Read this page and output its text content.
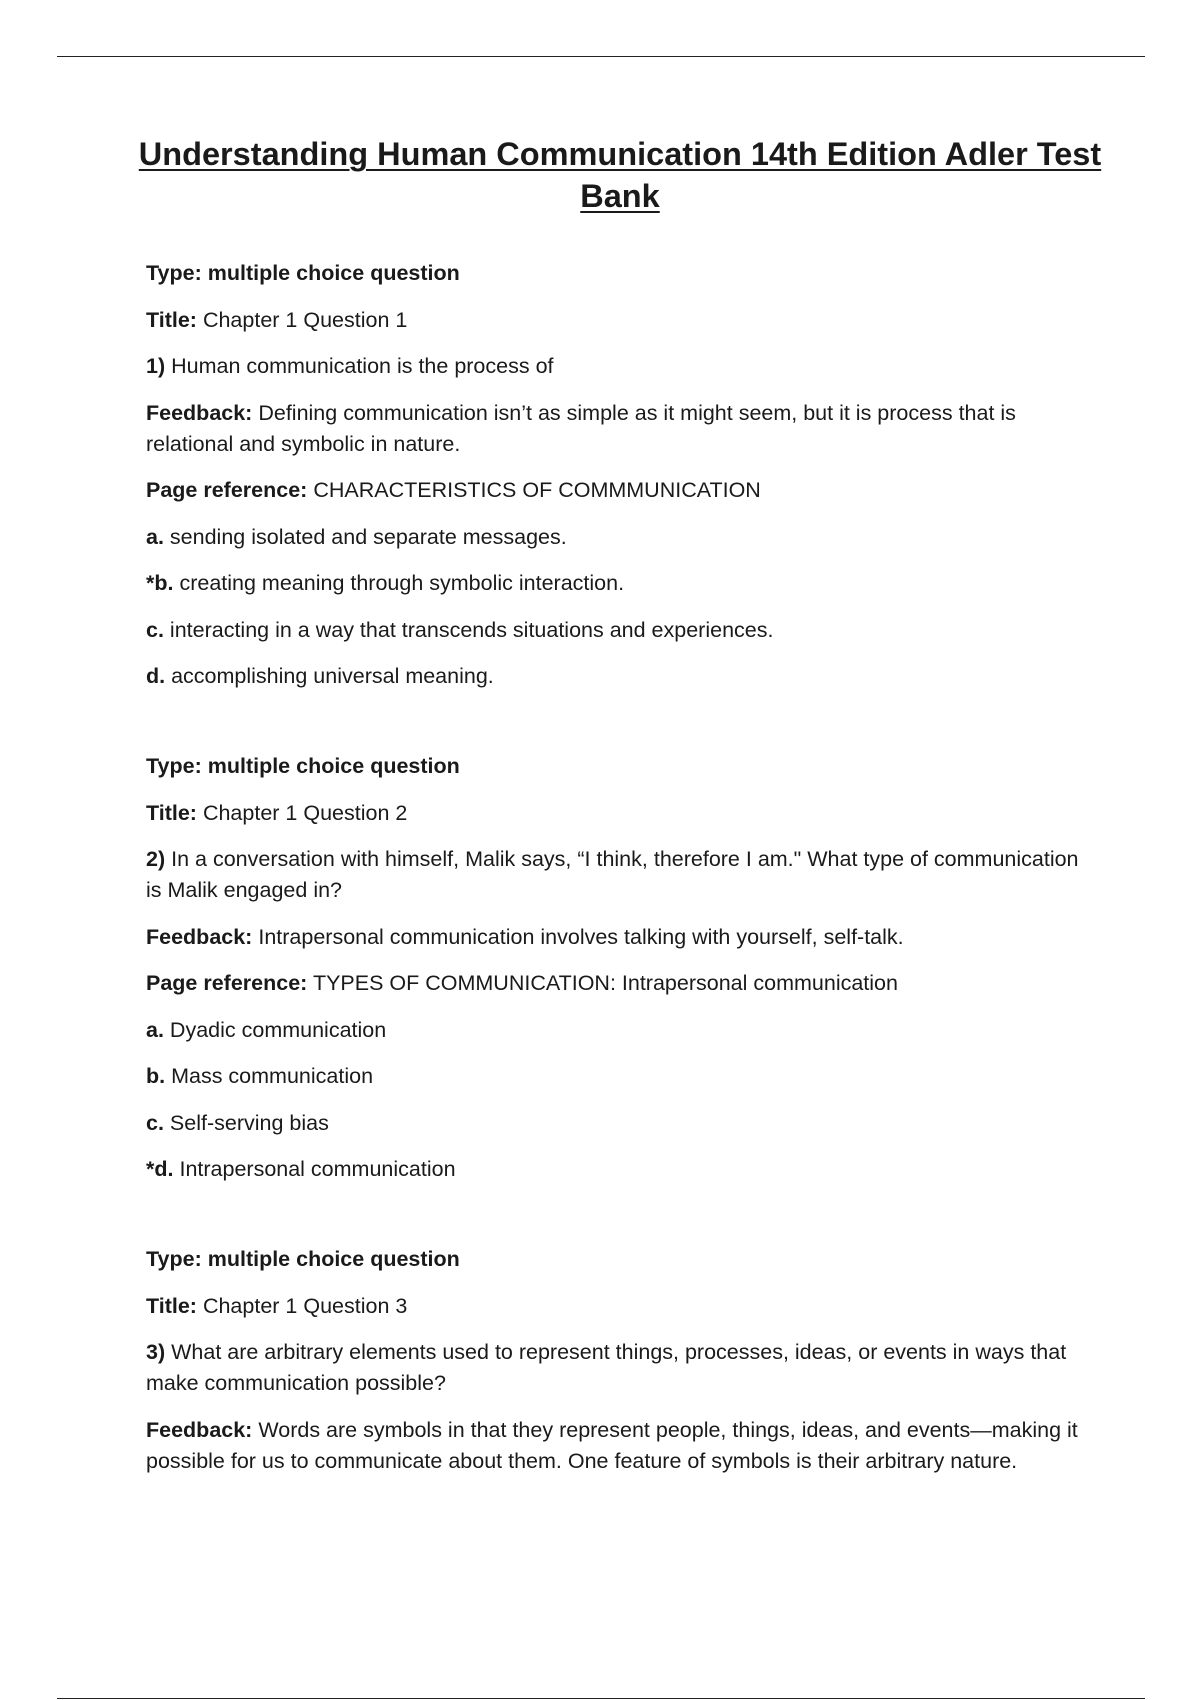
Understanding Human Communication 14th Edition Adler Test Bank

Type: multiple choice question

Title: Chapter 1 Question 1

1) Human communication is the process of

Feedback: Defining communication isn’t as simple as it might seem, but it is process that is relational and symbolic in nature.

Page reference: CHARACTERISTICS OF COMMMUNICATION

a. sending isolated and separate messages.

*b. creating meaning through symbolic interaction.

c. interacting in a way that transcends situations and experiences.

d. accomplishing universal meaning.

Type: multiple choice question

Title: Chapter 1 Question 2

2) In a conversation with himself, Malik says, “I think, therefore I am." What type of communication is Malik engaged in?

Feedback: Intrapersonal communication involves talking with yourself, self-talk.

Page reference: TYPES OF COMMUNICATION: Intrapersonal communication

a. Dyadic communication

b. Mass communication

c. Self-serving bias

*d. Intrapersonal communication

Type: multiple choice question

Title: Chapter 1 Question 3

3) What are arbitrary elements used to represent things, processes, ideas, or events in ways that make communication possible?

Feedback: Words are symbols in that they represent people, things, ideas, and events—making it possible for us to communicate about them. One feature of symbols is their arbitrary nature.
